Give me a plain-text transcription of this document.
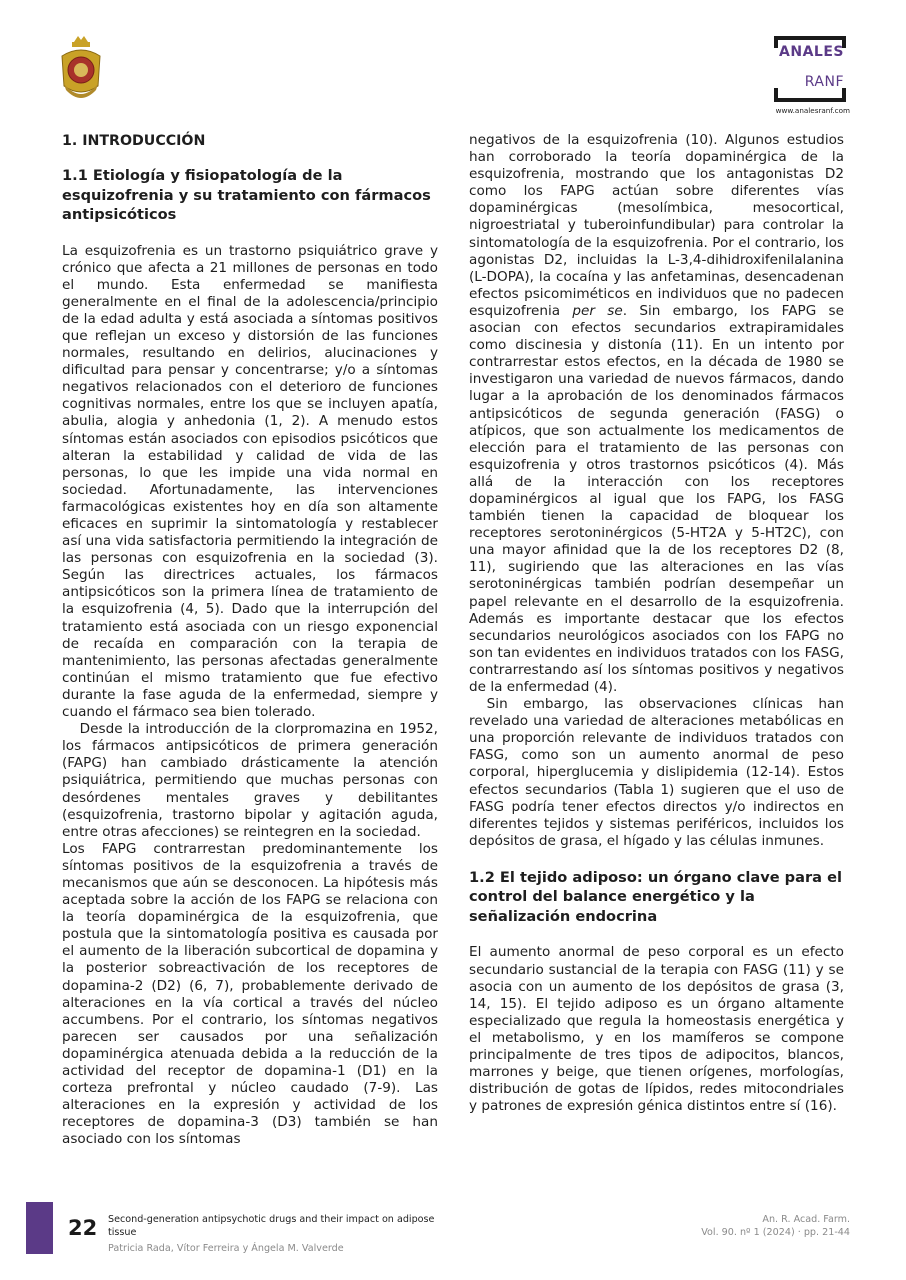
ANALES
RANF
www.analesranf.com
1. INTRODUCCIÓN
1.1 Etiología y fisiopatología de la esquizofrenia y su tratamiento con fármacos antipsicóticos

La esquizofrenia es un trastorno psiquiátrico grave y crónico que afecta a 21 millones de personas en todo el mundo. Esta enfermedad se manifiesta generalmente en el final de la adolescencia/principio de la edad adulta y está asociada a síntomas positivos que reflejan un exceso y distorsión de las funciones normales, resultando en delirios, alucinaciones y dificultad para pensar y concentrarse; y/o a síntomas negativos relacionados con el deterioro de funciones cognitivas normales, entre los que se incluyen apatía, abulia, alogia y anhedonia (1, 2). A menudo estos síntomas están asociados con episodios psicóticos que alteran la estabilidad y calidad de vida de las personas, lo que les impide una vida normal en sociedad. Afortunadamente, las intervenciones farmacológicas existentes hoy en día son altamente eficaces en suprimir la sintomatología y restablecer así una vida satisfactoria permitiendo la integración de las personas con esquizofrenia en la sociedad (3). Según las directrices actuales, los fármacos antipsicóticos son la primera línea de tratamiento de la esquizofrenia (4, 5). Dado que la interrupción del tratamiento está asociada con un riesgo exponencial de recaída en comparación con la terapia de mantenimiento, las personas afectadas generalmente continúan el mismo tratamiento que fue efectivo durante la fase aguda de la enfermedad, siempre y cuando el fármaco sea bien tolerado.

Desde la introducción de la clorpromazina en 1952, los fármacos antipsicóticos de primera generación (FAPG) han cambiado drásticamente la atención psiquiátrica, permitiendo que muchas personas con desórdenes mentales graves y debilitantes (esquizofrenia, trastorno bipolar y agitación aguda, entre otras afecciones) se reintegren en la sociedad.

Los FAPG contrarrestan predominantemente los síntomas positivos de la esquizofrenia a través de mecanismos que aún se desconocen. La hipótesis más aceptada sobre la acción de los FAPG se relaciona con la teoría dopaminérgica de la esquizofrenia, que postula que la sintomatología positiva es causada por el aumento de la liberación subcortical de dopamina y la posterior sobreactivación de los receptores de dopamina-2 (D2) (6, 7), probablemente derivado de alteraciones en la vía cortical a través del núcleo accumbens. Por el contrario, los síntomas negativos parecen ser causados por una señalización dopaminérgica atenuada debida a la reducción de la actividad del receptor de dopamina-1 (D1) en la corteza prefrontal y núcleo caudado (7-9). Las alteraciones en la expresión y actividad de los receptores de dopamina-3 (D3) también se han asociado con los síntomas

negativos de la esquizofrenia (10). Algunos estudios han corroborado la teoría dopaminérgica de la esquizofrenia, mostrando que los antagonistas D2 como los FAPG actúan sobre diferentes vías dopaminérgicas (mesolímbica, mesocortical, nigroestriatal y tuberoinfundibular) para controlar la sintomatología de la esquizofrenia. Por el contrario, los agonistas D2, incluidas la L-3,4-dihidroxifenilalanina (L-DOPA), la cocaína y las anfetaminas, desencadenan efectos psicomiméticos en individuos que no padecen esquizofrenia per se. Sin embargo, los FAPG se asocian con efectos secundarios extrapiramidales como discinesia y distonía (11). En un intento por contrarrestar estos efectos, en la década de 1980 se investigaron una variedad de nuevos fármacos, dando lugar a la aprobación de los denominados fármacos antipsicóticos de segunda generación (FASG) o atípicos, que son actualmente los medicamentos de elección para el tratamiento de las personas con esquizofrenia y otros trastornos psicóticos (4). Más allá de la interacción con los receptores dopaminérgicos al igual que los FAPG, los FASG también tienen la capacidad de bloquear los receptores serotoninérgicos (5-HT2A y 5-HT2C), con una mayor afinidad que la de los receptores D2 (8, 11), sugiriendo que las alteraciones en las vías serotoninérgicas también podrían desempeñar un papel relevante en el desarrollo de la esquizofrenia. Además es importante destacar que los efectos secundarios neurológicos asociados con los FAPG no son tan evidentes en individuos tratados con los FASG, contrarrestando así los síntomas positivos y negativos de la enfermedad (4).

Sin embargo, las observaciones clínicas han revelado una variedad de alteraciones metabólicas en una proporción relevante de individuos tratados con FASG, como son un aumento anormal de peso corporal, hiperglucemia y dislipidemia (12-14). Estos efectos secundarios (Tabla 1) sugieren que el uso de FASG podría tener efectos directos y/o indirectos en diferentes tejidos y sistemas periféricos, incluidos los depósitos de grasa, el hígado y las células inmunes.

1.2 El tejido adiposo: un órgano clave para el control del balance energético y la señalización endocrina

El aumento anormal de peso corporal es un efecto secundario sustancial de la terapia con FASG (11) y se asocia con un aumento de los depósitos de grasa (3, 14, 15). El tejido adiposo es un órgano altamente especializado que regula la homeostasis energética y el metabolismo, y en los mamíferos se compone principalmente de tres tipos de adipocitos, blancos, marrones y beige, que tienen orígenes, morfologías, distribución de gotas de lípidos, redes mitocondriales y patrones de expresión génica distintos entre sí (16).

22 Second-generation antipsychotic drugs and their impact on adipose tissue
Patricia Rada, Vítor Ferreira y Ángela M. Valverde
An. R. Acad. Farm.
Vol. 90. nº 1 (2024) · pp. 21-44
